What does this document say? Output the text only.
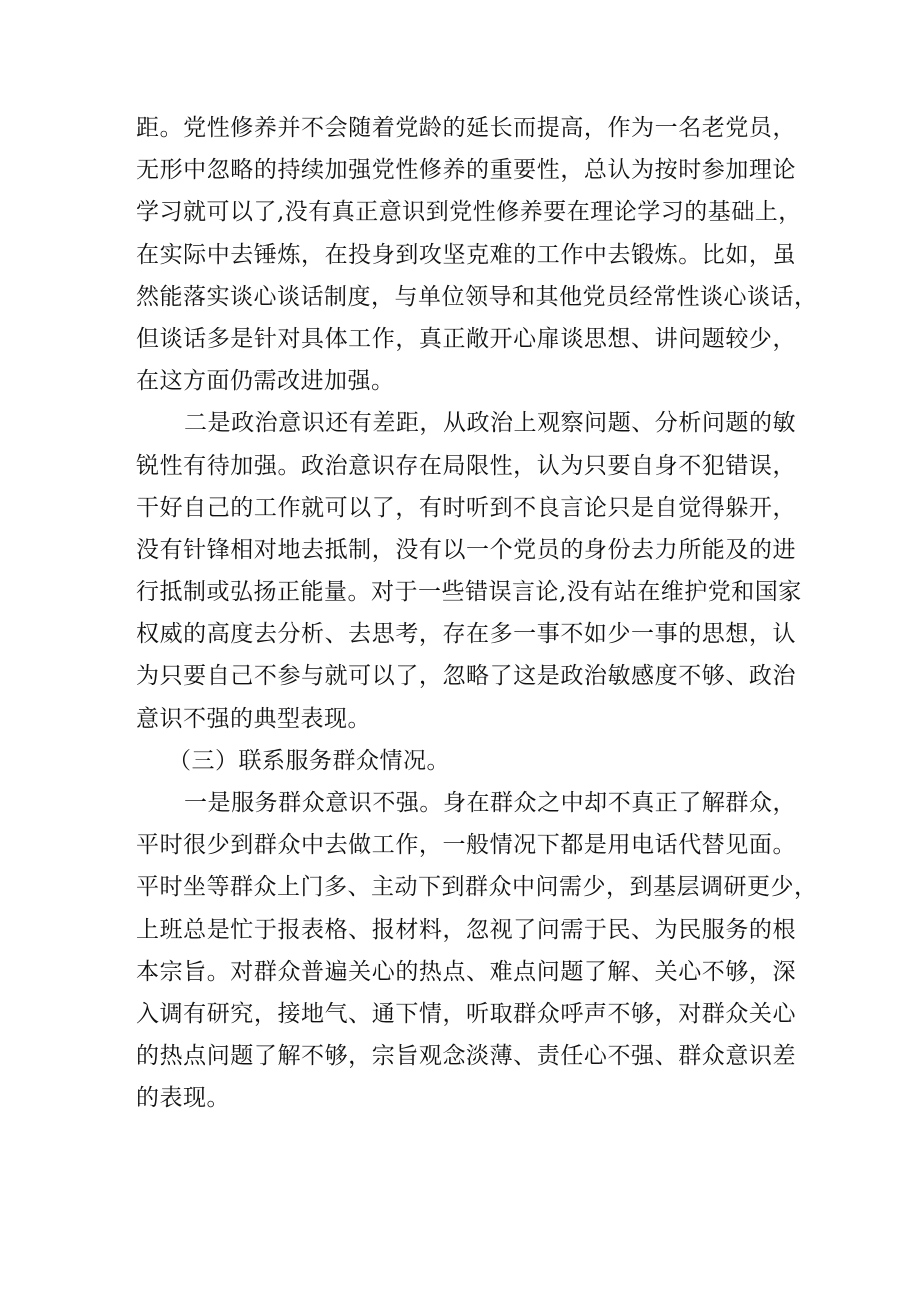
距。党性修养并不会随着党龄的延长而提高，作为一名老党员，
无形中忽略的持续加强党性修养的重要性，总认为按时参加理论
学习就可以了,没有真正意识到党性修养要在理论学习的基础上，
在实际中去锤炼，在投身到攻坚克难的工作中去锻炼。比如，虽
然能落实谈心谈话制度，与单位领导和其他党员经常性谈心谈话，
但谈话多是针对具体工作，真正敞开心扉谈思想、讲问题较少，
在这方面仍需改进加强。
二是政治意识还有差距，从政治上观察问题、分析问题的敏
锐性有待加强。政治意识存在局限性，认为只要自身不犯错误，
干好自己的工作就可以了，有时听到不良言论只是自觉得躲开，
没有针锋相对地去抵制，没有以一个党员的身份去力所能及的进
行抵制或弘扬正能量。对于一些错误言论,没有站在维护党和国家
权威的高度去分析、去思考，存在多一事不如少一事的思想，认
为只要自己不参与就可以了，忽略了这是政治敏感度不够、政治
意识不强的典型表现。
（三）联系服务群众情况。
一是服务群众意识不强。身在群众之中却不真正了解群众，
平时很少到群众中去做工作，一般情况下都是用电话代替见面。
平时坐等群众上门多、主动下到群众中问需少，到基层调研更少，
上班总是忙于报表格、报材料，忽视了问需于民、为民服务的根
本宗旨。对群众普遍关心的热点、难点问题了解、关心不够，深
入调有研究，接地气、通下情，听取群众呼声不够，对群众关心
的热点问题了解不够，宗旨观念淡薄、责任心不强、群众意识差
的表现。
